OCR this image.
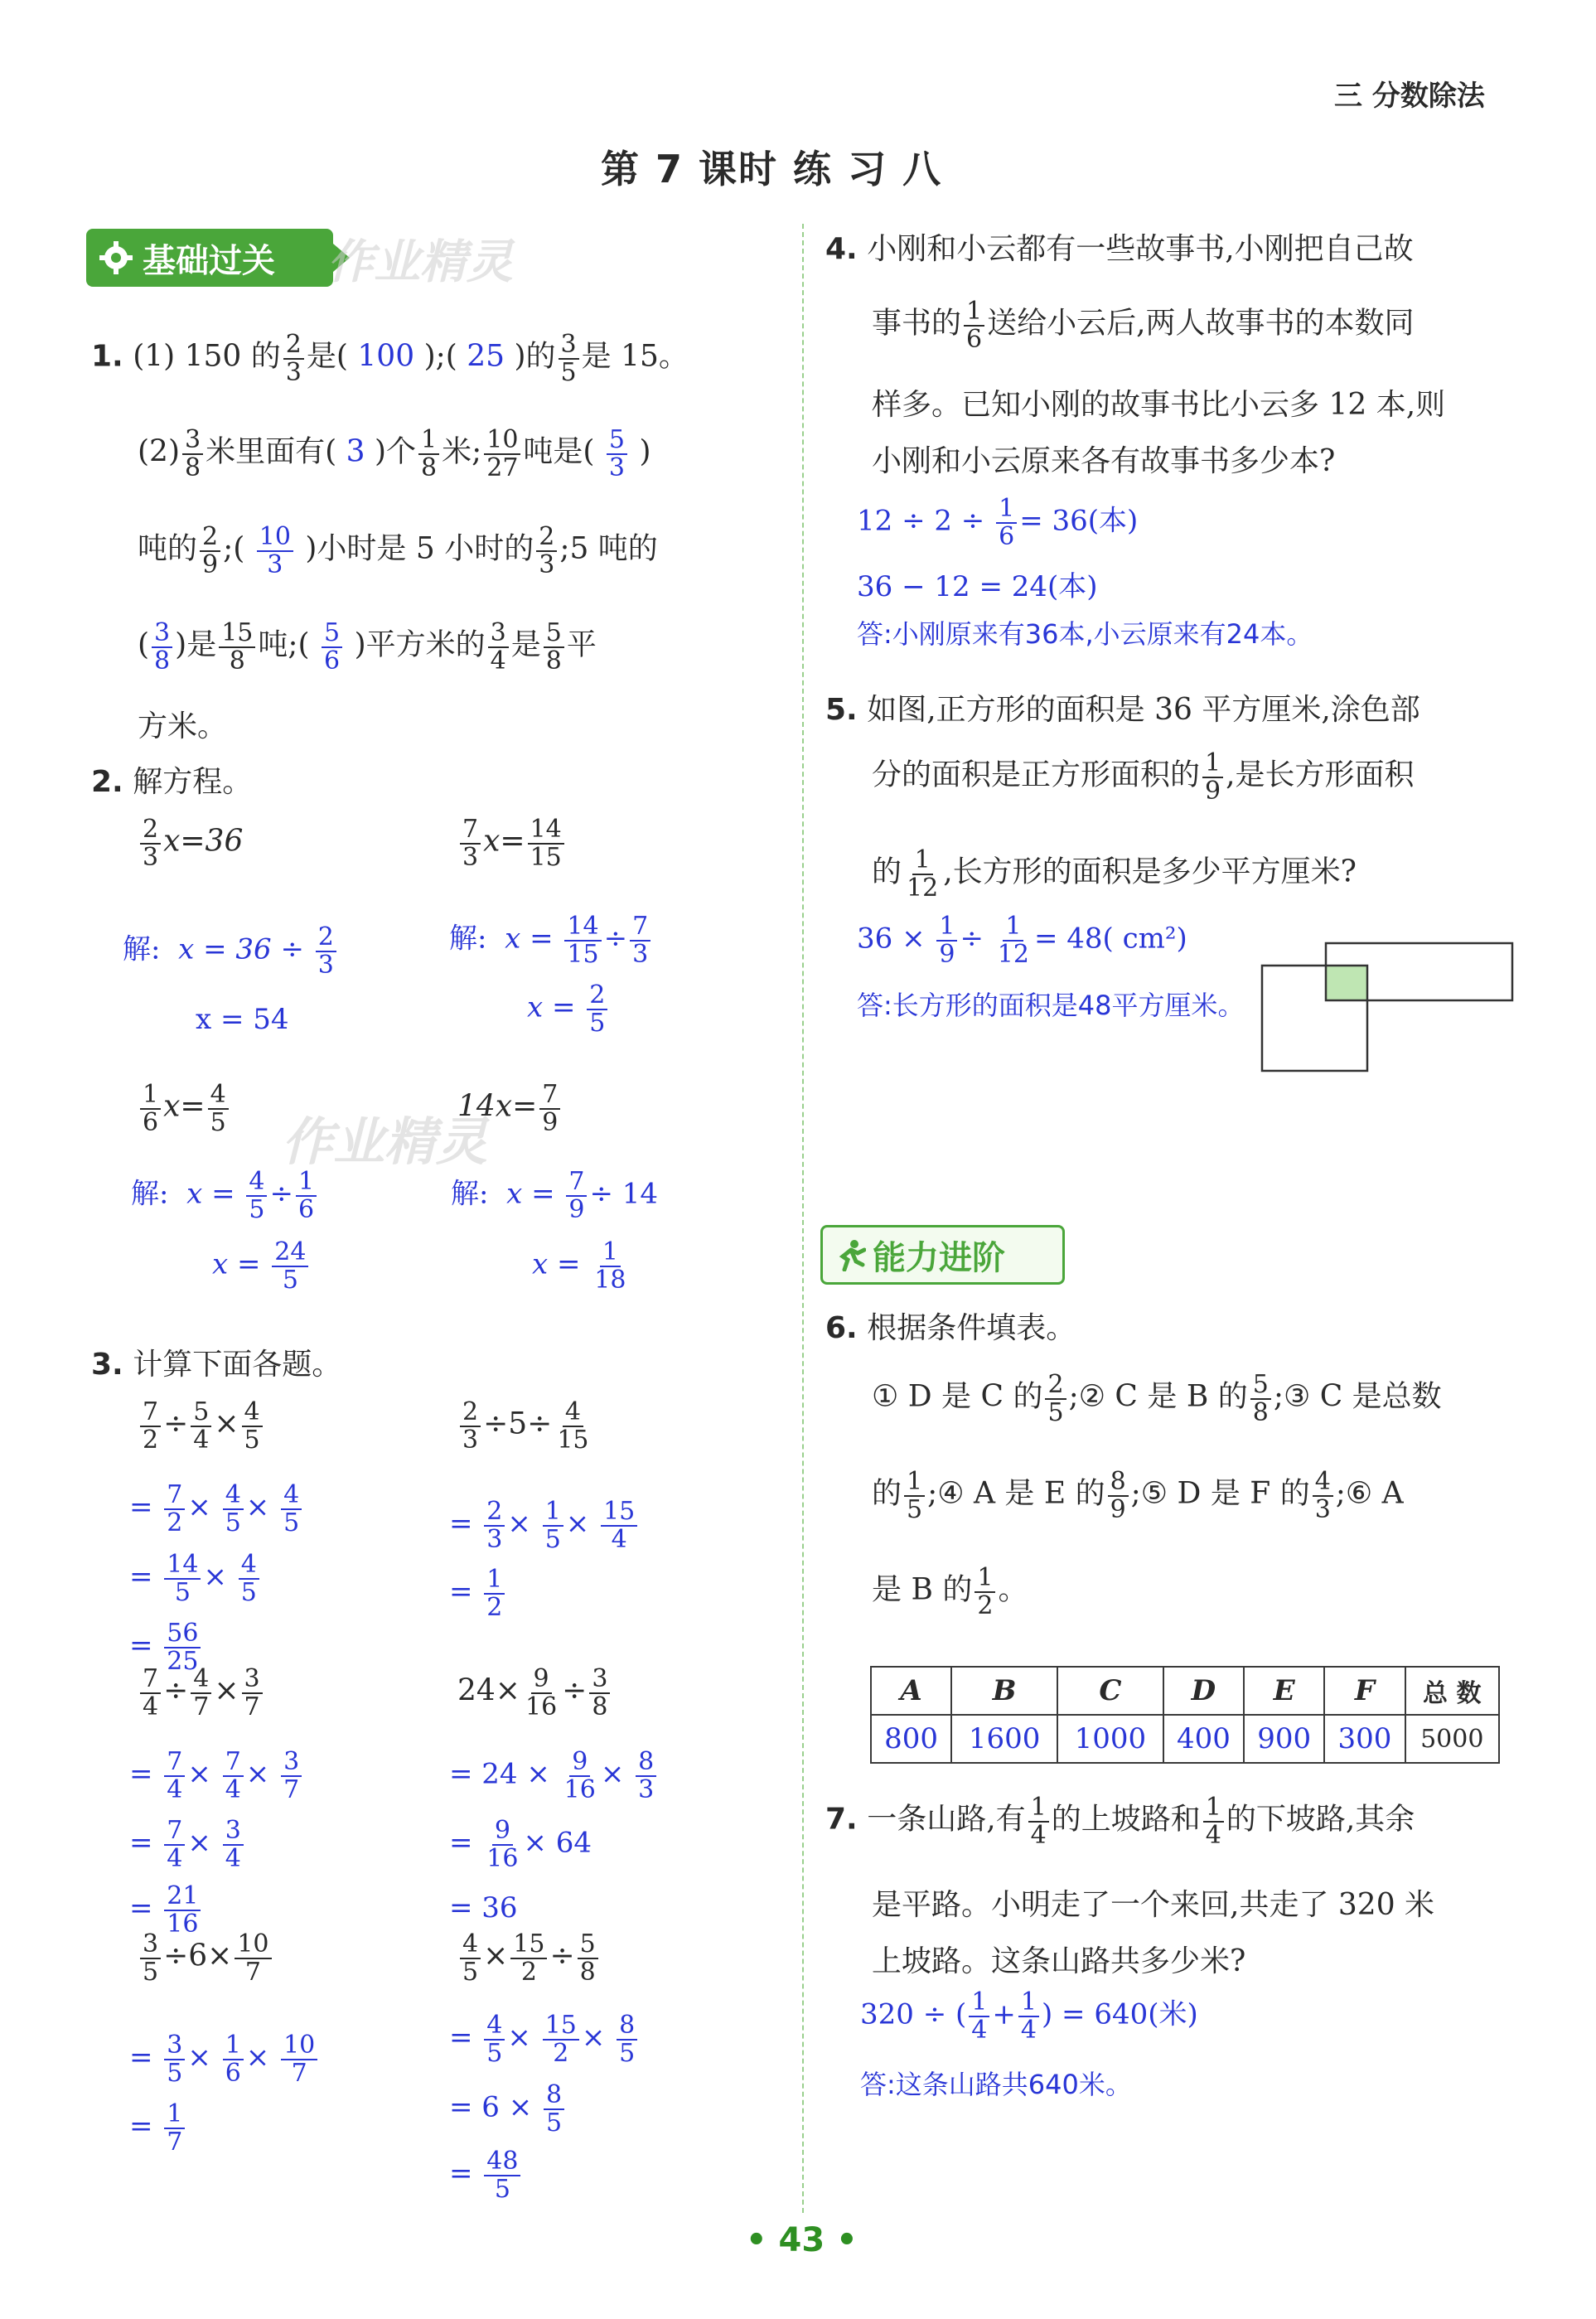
三 分数除法
第 7 课时 练 习 八
基础过关 作业精灵
1. (1) 150 的 $\frac{2}{3}$ 是( 100 );( 25 )的 $\frac{3}{5}$ 是 15。
$(2) \frac{3}{8}$ 米里面有( 3 )个 $\frac{1}{8}$ 米; $\frac{10}{27}$ 吨是( $\frac{5}{3}$ )
吨的 $\frac{2}{9}$ ;( $\frac{10}{3}$ )小时是 5 小时的 $\frac{2}{3}$ ;5 吨的
( $\frac{3}{8}$ )是 $\frac{15}{8}$ 吨;( $\frac{5}{6}$ )平方米的 $\frac{3}{4}$ 是 $\frac{5}{8}$ 平
方米。
2. 解方程。
$\frac{2}{3} x=36$
解: $x = 36 \div \frac{2}{3}$
x = 54
$\frac{7}{3} x= \frac{14}{15}$
解: $x = \frac{14}{15} \div \frac{7}{3}$
$x = \frac{2}{5}$
$\frac{1}{6} x= \frac{4}{5}$
作业精灵
解: $x = \frac{4}{5} \div \frac{1}{6}$
$x = \frac{24}{5}$
$14x= \frac{7}{9}$
解: $x = \frac{7}{9} \div 14$
$x = \frac{1}{18}$
3. 计算下面各题。
$\frac{7}{2} \div \frac{5}{4} \times \frac{4}{5}$
= $\frac{7}{2} \times \frac{4}{5} \times \frac{4}{5}$
= $\frac{14}{5} \times \frac{4}{5}$
= $\frac{56}{25}$
$\frac{2}{3} \div 5\div \frac{4}{15}$
= $\frac{2}{3} \times \frac{1}{5} \times \frac{15}{4}$
= $\frac{1}{2}$
$\frac{7}{4} \div \frac{4}{7} \times \frac{3}{7}$
= $\frac{7}{4} \times \frac{7}{4} \times \frac{3}{7}$
= $\frac{7}{4} \times \frac{3}{4}$
= $\frac{21}{16}$
$24\times \frac{9}{16} \div \frac{3}{8}$
= $24 \times \frac{9}{16} \times \frac{8}{3}$
= $\frac{9}{16} \times 64$
= 36
$\frac{3}{5} \div 6\times \frac{10}{7}$
= $\frac{3}{5} \times \frac{1}{6} \times \frac{10}{7}$
= $\frac{1}{7}$
$\frac{4}{5} \times \frac{15}{2} \div \frac{5}{8}$
= $\frac{4}{5} \times \frac{15}{2} \times \frac{8}{5}$
= $6 \times \frac{8}{5}$
= $\frac{48}{5}$
4. 小刚和小云都有一些故事书,小刚把自己故
事书的 $\frac{1}{6}$ 送给小云后,两人故事书的本数同
样多。已知小刚的故事书比小云多 12 本,则
小刚和小云原来各有故事书多少本?
$12 \div 2 \div \frac{1}{6} = 36$(本)
36 − 12 = 24(本)
答:小刚原来有36本,小云原来有24本。
5. 如图,正方形的面积是 36 平方厘米,涂色部
分的面积是正方形面积的 $\frac{1}{9}$ ,是长方形面积
的 $\frac{1}{12}$ ,长方形的面积是多少平方厘米?
$36 \times \frac{1}{9} \div \frac{1}{12} = 48$( cm²)
答:长方形的面积是48平方厘米。
能力进阶
6. 根据条件填表。
① D 是 C 的 $\frac{2}{5}$ ;② C 是 B 的 $\frac{5}{8}$ ;③ C 是总数
的 $\frac{1}{5}$ ;④ A 是 E 的 $\frac{8}{9}$ ;⑤ D 是 F 的 $\frac{4}{3}$ ;⑥ A
是 B 的 $\frac{1}{2}$ 。
A	B	C	D	E	F	总 数
800	1600	1000	400	900	300	5000
7. 一条山路,有 $\frac{1}{4}$ 的上坡路和 $\frac{1}{4}$ 的下坡路,其余
是平路。小明走了一个来回,共走了 320 米
上坡路。这条山路共多少米?
320 ÷ ( $\frac{1}{4} + \frac{1}{4}$ ) = 640(米)
答:这条山路共640米。
• 43 •
